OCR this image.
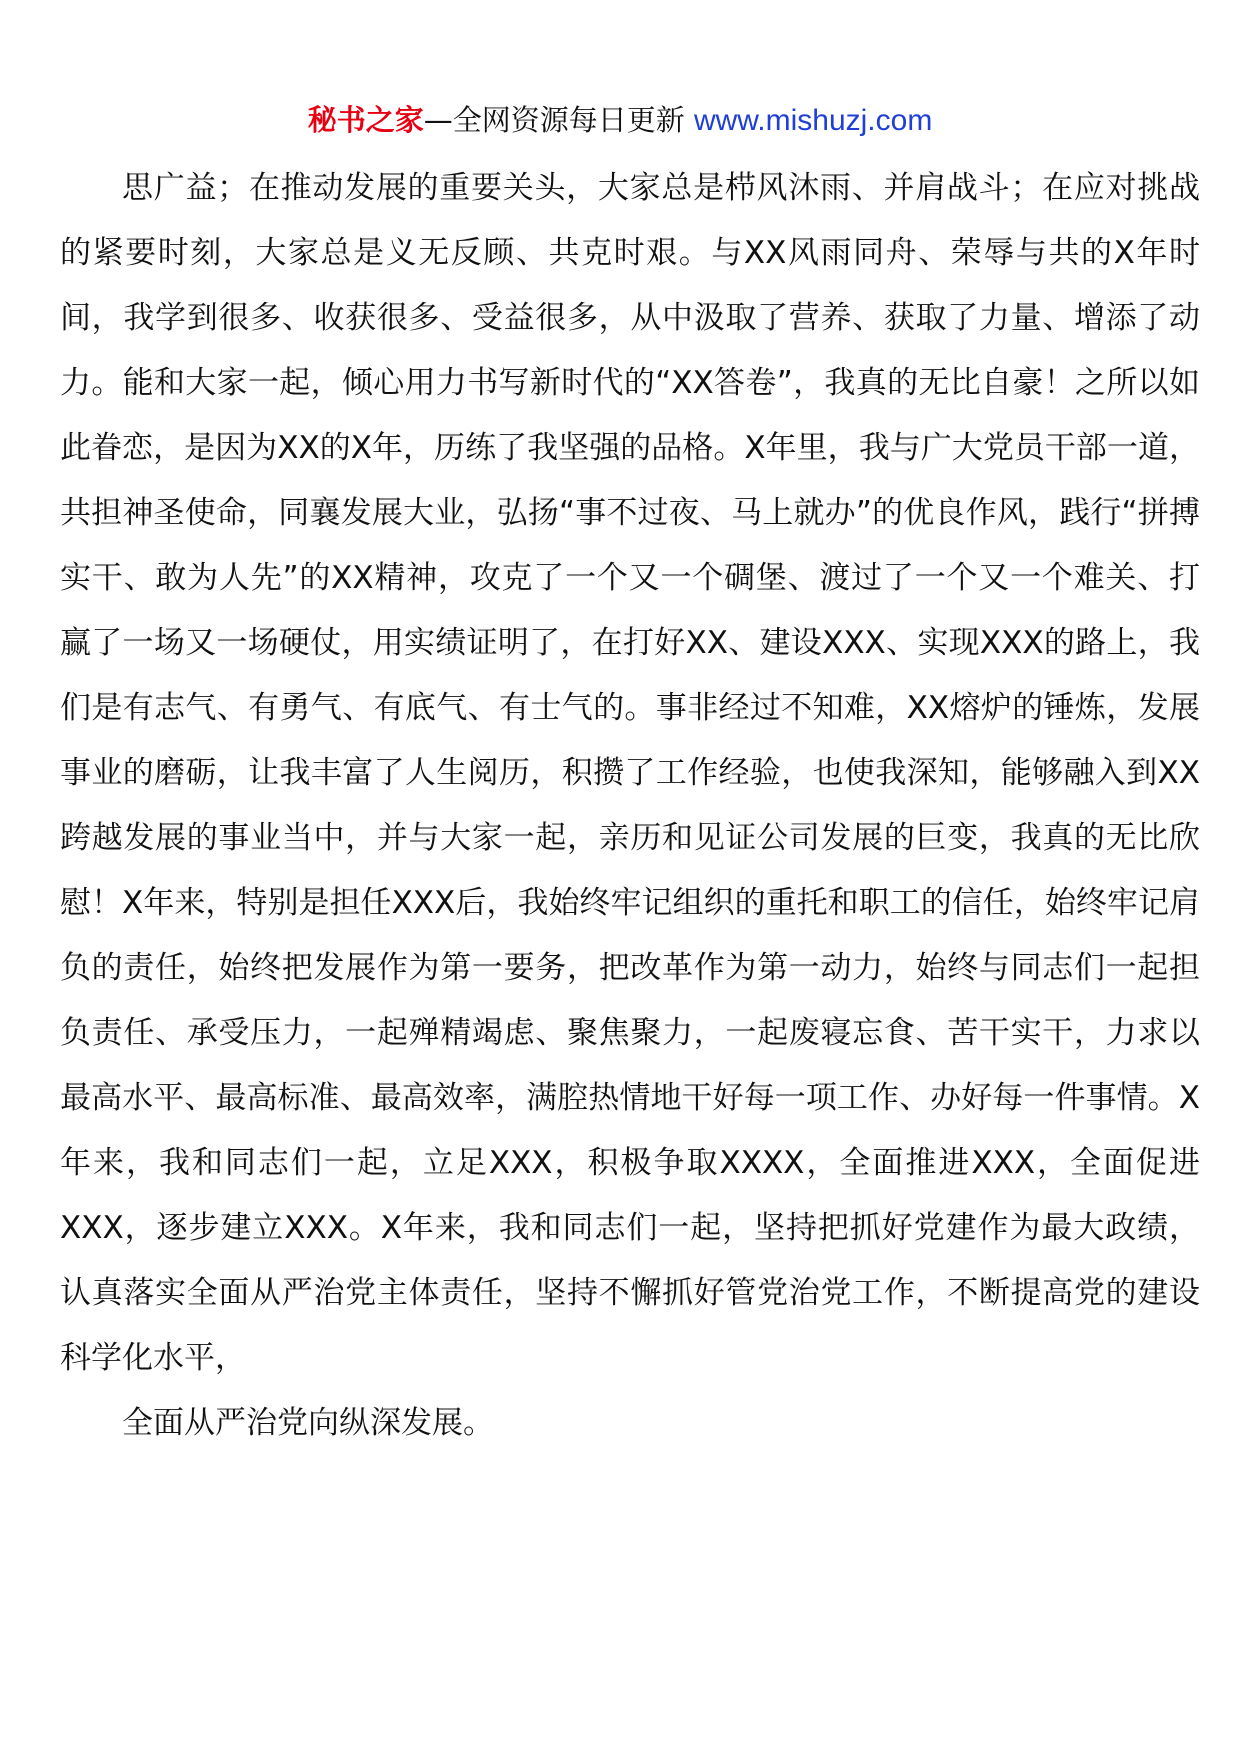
秘书之家—全网资源每日更新 www.mishuzj.com

思广益；在推动发展的重要关头，大家总是栉风沐雨、并肩战斗；在应对挑战的紧要时刻，大家总是义无反顾、共克时艰。与XX风雨同舟、荣辱与共的X年时间，我学到很多、收获很多、受益很多，从中汲取了营养、获取了力量、增添了动力。能和大家一起，倾心用力书写新时代的“XX答卷”，我真的无比自豪！之所以如此眷恋，是因为XX的X年，历练了我坚强的品格。X年里，我与广大党员干部一道，共担神圣使命，同襄发展大业，弘扬“事不过夜、马上就办”的优良作风，践行“拼搏实干、敢为人先”的XX精神，攻克了一个又一个碉堡、渡过了一个又一个难关、打赢了一场又一场硬仗，用实绩证明了，在打好XX、建设XXX、实现XXX的路上，我们是有志气、有勇气、有底气、有士气的。事非经过不知难，XX熔炉的锤炼，发展事业的磨砺，让我丰富了人生阅历，积攒了工作经验，也使我深知，能够融入到XX跨越发展的事业当中，并与大家一起，亲历和见证公司发展的巨变，我真的无比欣慰！X年来，特别是担任XXX后，我始终牢记组织的重托和职工的信任，始终牢记肩负的责任，始终把发展作为第一要务，把改革作为第一动力，始终与同志们一起担负责任、承受压力，一起殚精竭虑、聚焦聚力，一起废寝忘食、苦干实干，力求以最高水平、最高标准、最高效率，满腔热情地干好每一项工作、办好每一件事情。X年来，我和同志们一起，立足XXX，积极争取XXXX，全面推进XXX，全面促进XXX，逐步建立XXX。X年来，我和同志们一起，坚持把抓好党建作为最大政绩，认真落实全面从严治党主体责任，坚持不懈抓好管党治党工作，不断提高党的建设科学化水平，

全面从严治党向纵深发展。
